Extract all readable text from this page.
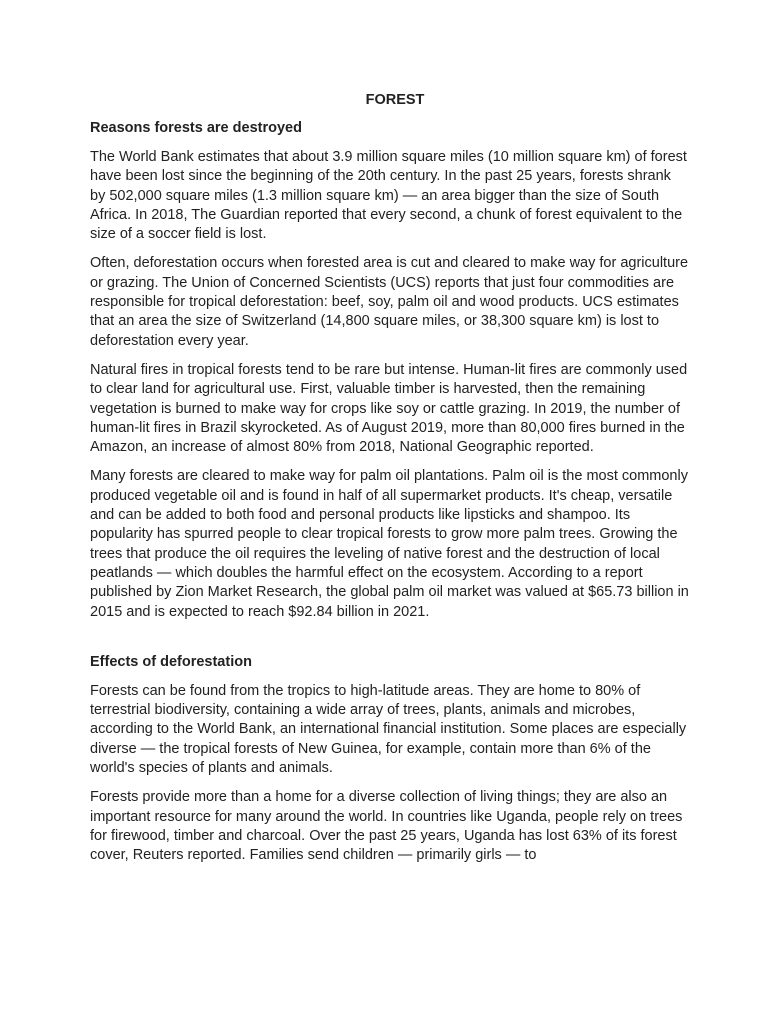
FOREST
Reasons forests are destroyed

The World Bank estimates that about 3.9 million square miles (10 million square km) of forest have been lost since the beginning of the 20th century. In the past 25 years, forests shrank by 502,000 square miles (1.3 million square km) — an area bigger than the size of South Africa. In 2018, The Guardian reported that every second, a chunk of forest equivalent to the size of a soccer field is lost.

Often, deforestation occurs when forested area is cut and cleared to make way for agriculture or grazing. The Union of Concerned Scientists (UCS) reports that just four commodities are responsible for tropical deforestation: beef, soy, palm oil and wood products. UCS estimates that an area the size of Switzerland (14,800 square miles, or 38,300 square km) is lost to deforestation every year.

Natural fires in tropical forests tend to be rare but intense. Human-lit fires are commonly used to clear land for agricultural use. First, valuable timber is harvested, then the remaining vegetation is burned to make way for crops like soy or cattle grazing. In 2019, the number of human-lit fires in Brazil skyrocketed. As of August 2019, more than 80,000 fires burned in the Amazon, an increase of almost 80% from 2018, National Geographic reported.

Many forests are cleared to make way for palm oil plantations. Palm oil is the most commonly produced vegetable oil and is found in half of all supermarket products. It's cheap, versatile and can be added to both food and personal products like lipsticks and shampoo. Its popularity has spurred people to clear tropical forests to grow more palm trees. Growing the trees that produce the oil requires the leveling of native forest and the destruction of local peatlands — which doubles the harmful effect on the ecosystem. According to a report published by Zion Market Research, the global palm oil market was valued at $65.73 billion in 2015 and is expected to reach $92.84 billion in 2021.

Effects of deforestation

Forests can be found from the tropics to high-latitude areas. They are home to 80% of terrestrial biodiversity, containing a wide array of trees, plants, animals and microbes, according to the World Bank, an international financial institution. Some places are especially diverse — the tropical forests of New Guinea, for example, contain more than 6% of the world's species of plants and animals.

Forests provide more than a home for a diverse collection of living things; they are also an important resource for many around the world. In countries like Uganda, people rely on trees for firewood, timber and charcoal. Over the past 25 years, Uganda has lost 63% of its forest cover, Reuters reported. Families send children — primarily girls — to
